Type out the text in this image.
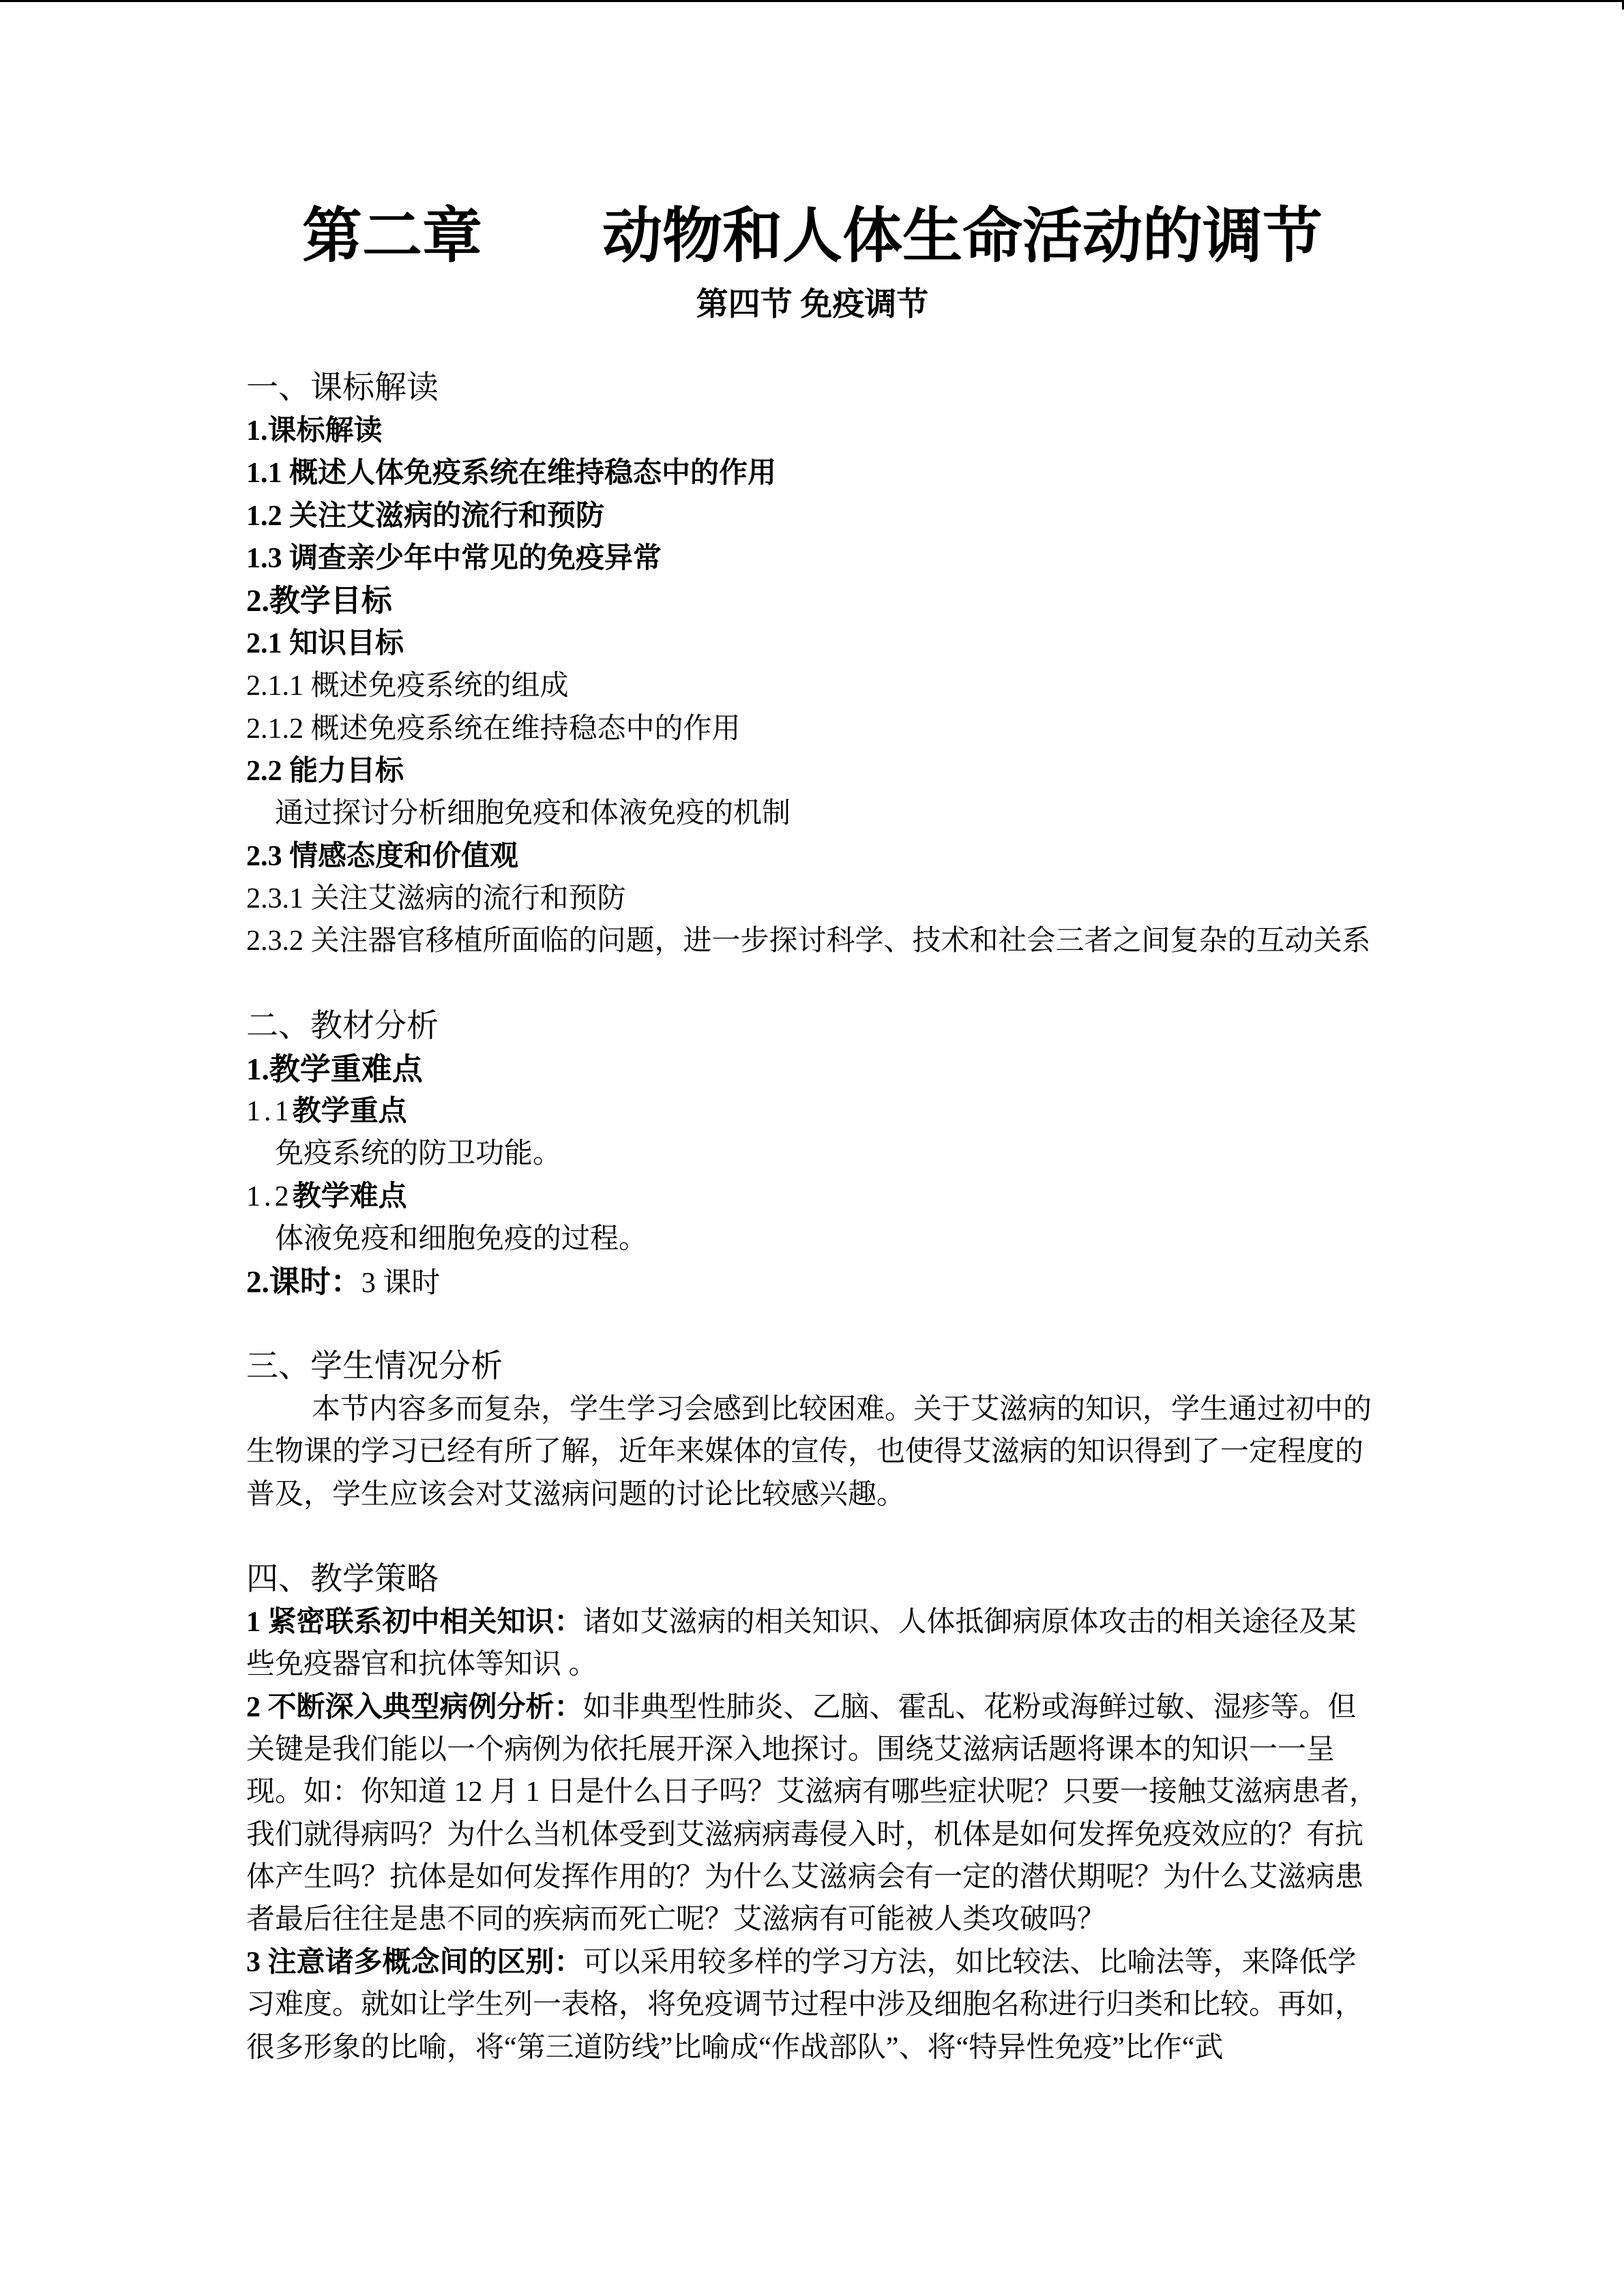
第二章　　动物和人体生命活动的调节
第四节 免疫调节
一、课标解读
1.课标解读
1.1 概述人体免疫系统在维持稳态中的作用
1.2 关注艾滋病的流行和预防
1.3 调查亲少年中常见的免疫异常
2.教学目标
2.1 知识目标
2.1.1 概述免疫系统的组成
2.1.2 概述免疫系统在维持稳态中的作用
2.2 能力目标
通过探讨分析细胞免疫和体液免疫的机制
2.3 情感态度和价值观
2.3.1 关注艾滋病的流行和预防
2.3.2 关注器官移植所面临的问题，进一步探讨科学、技术和社会三者之间复杂的互动关系
二、教材分析
1.教学重难点
1.1教学重点
免疫系统的防卫功能。
1.2教学难点
体液免疫和细胞免疫的过程。
2.课时：3 课时
三、学生情况分析
本节内容多而复杂，学生学习会感到比较困难。关于艾滋病的知识，学生通过初中的
生物课的学习已经有所了解，近年来媒体的宣传，也使得艾滋病的知识得到了一定程度的
普及，学生应该会对艾滋病问题的讨论比较感兴趣。
四、教学策略
1 紧密联系初中相关知识：诸如艾滋病的相关知识、人体抵御病原体攻击的相关途径及某
些免疫器官和抗体等知识 。
2 不断深入典型病例分析：如非典型性肺炎、乙脑、霍乱、花粉或海鲜过敏、湿疹等。但
关键是我们能以一个病例为依托展开深入地探讨。围绕艾滋病话题将课本的知识一一呈
现。如：你知道 12 月 1 日是什么日子吗？艾滋病有哪些症状呢？只要一接触艾滋病患者，
我们就得病吗？为什么当机体受到艾滋病病毒侵入时，机体是如何发挥免疫效应的？有抗
体产生吗？抗体是如何发挥作用的？为什么艾滋病会有一定的潜伏期呢？为什么艾滋病患
者最后往往是患不同的疾病而死亡呢？艾滋病有可能被人类攻破吗？
3 注意诸多概念间的区别：可以采用较多样的学习方法，如比较法、比喻法等，来降低学
习难度。就如让学生列一表格，将免疫调节过程中涉及细胞名称进行归类和比较。再如，
很多形象的比喻，将“第三道防线”比喻成“作战部队”、将“特异性免疫”比作“武
